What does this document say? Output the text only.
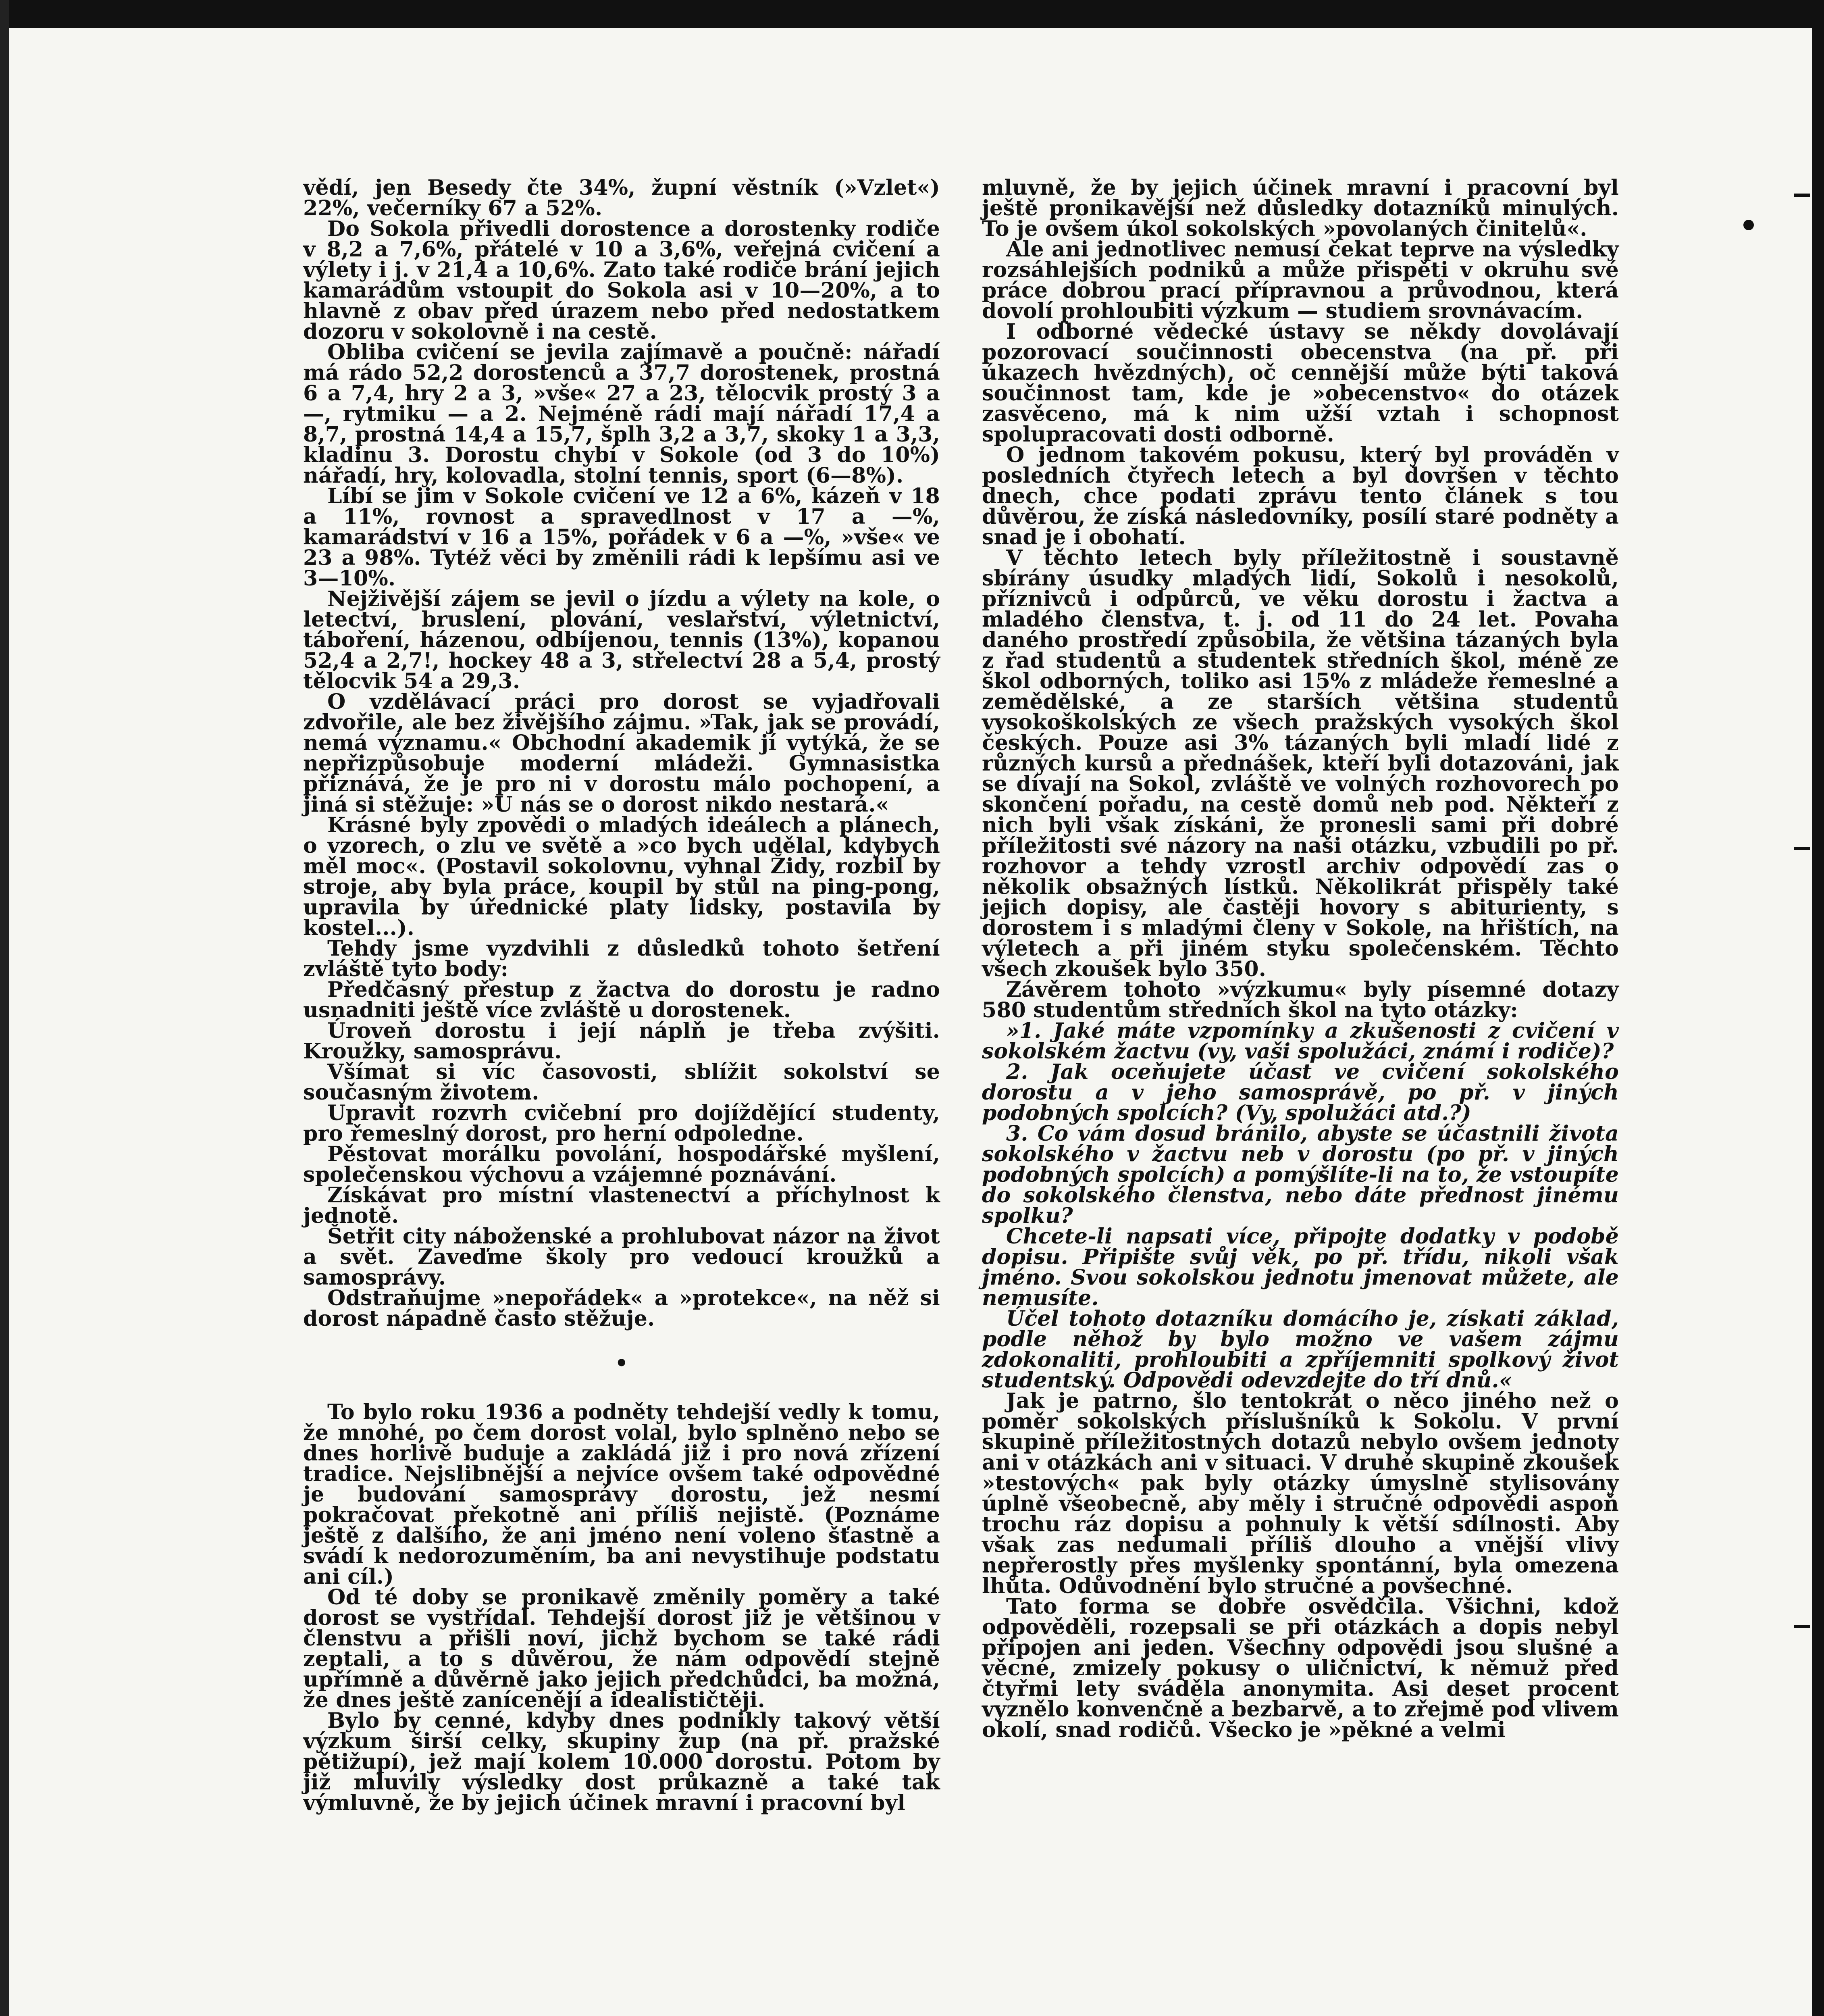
vědí, jen Besedy čte 34%, župní věstník (»Vzlet«) 22%, večerníky 67 a 52%.

Do Sokola přivedli dorostence a dorostenky rodiče v 8,2 a 7,6%, přátelé v 10 a 3,6%, veřejná cvičení a výlety i j. v 21,4 a 10,6%. Zato také rodiče brání jejich kamarádům vstoupit do Sokola asi v 10—20%, a to hlavně z obav před úrazem nebo před nedostatkem dozoru v sokolovně i na cestě.

Obliba cvičení se jevila zajímavě a poučně: nářadí má rádo 52,2 dorostenců a 37,7 dorostenek, prostná 6 a 7,4, hry 2 a 3, »vše« 27 a 23, tělocvik prostý 3 a —, rytmiku — a 2. Nejméně rádi mají nářadí 17,4 a 8,7, prostná 14,4 a 15,7, šplh 3,2 a 3,7, skoky 1 a 3,3, kladinu 3. Dorostu chybí v Sokole (od 3 do 10%) nářadí, hry, kolovadla, stolní tennis, sport (6—8%).

Líbí se jim v Sokole cvičení ve 12 a 6%, kázeň v 18 a 11%, rovnost a spravedlnost v 17 a —%, kamarádství v 16 a 15%, pořádek v 6 a —%, »vše« ve 23 a 98%. Tytéž věci by změnili rádi k lepšímu asi ve 3—10%.

Nejživější zájem se jevil o jízdu a výlety na kole, o letectví, bruslení, plování, veslařství, výletnictví, táboření, házenou, odbíjenou, tennis (13%), kopanou 52,4 a 2,7!, hockey 48 a 3, střelectví 28 a 5,4, prostý tělocvik 54 a 29,3.

O vzdělávací práci pro dorost se vyjadřovali zdvořile, ale bez živějšího zájmu. »Tak, jak se provádí, nemá významu.« Obchodní akademik jí vytýká, že se nepřizpůsobuje moderní mládeži. Gymnasistka přiznává, že je pro ni v dorostu málo pochopení, a jiná si stěžuje: »U nás se o dorost nikdo nestará.«

Krásné byly zpovědi o mladých ideálech a plánech, o vzorech, o zlu ve světě a »co bych udělal, kdybych měl moc«. (Postavil sokolovnu, vyhnal Židy, rozbil by stroje, aby byla práce, koupil by stůl na ping-pong, upravila by úřednické platy lidsky, postavila by kostel...).

Tehdy jsme vyzdvihli z důsledků tohoto šetření zvláště tyto body:

Předčasný přestup z žactva do dorostu je radno usnadniti ještě více zvláště u dorostenek.

Úroveň dorostu i její náplň je třeba zvýšiti. Kroužky, samosprávu.

Všímat si víc časovosti, sblížit sokolství se současným životem.

Upravit rozvrh cvičební pro dojíždějící studenty, pro řemeslný dorost, pro herní odpoledne.

Pěstovat morálku povolání, hospodářské myšlení, společenskou výchovu a vzájemné poznávání.

Získávat pro místní vlastenectví a příchylnost k jednotě.

Šetřit city náboženské a prohlubovat názor na život a svět. Zaveďme školy pro vedoucí kroužků a samosprávy.

Odstraňujme »nepořádek« a »protekce«, na něž si dorost nápadně často stěžuje.

•

To bylo roku 1936 a podněty tehdejší vedly k tomu, že mnohé, po čem dorost volal, bylo splněno nebo se dnes horlivě buduje a zakládá již i pro nová zřízení tradice. Nejslibnější a nejvíce ovšem také odpovědné je budování samosprávy dorostu, jež nesmí pokračovat překotně ani příliš nejistě. (Poznáme ještě z dalšího, že ani jméno není voleno šťastně a svádí k nedorozuměním, ba ani nevystihuje podstatu ani cíl.)

Od té doby se pronikavě změnily poměry a také dorost se vystřídal. Tehdejší dorost již je většinou v členstvu a přišli noví, jichž bychom se také rádi zeptali, a to s důvěrou, že nám odpovědí stejně upřímně a důvěrně jako jejich předchůdci, ba možná, že dnes ještě zanícenějí a idealističtěji.

Bylo by cenné, kdyby dnes podnikly takový větší výzkum širší celky, skupiny žup (na př. pražské pětižupí), jež mají kolem 10.000 dorostu. Potom by již mluvily výsledky dost průkazně a také tak výmluvně, že by jejich účinek mravní i pracovní byl

mluvně, že by jejich účinek mravní i pracovní byl ještě pronikavější než důsledky dotazníků minulých. To je ovšem úkol sokolských »povolaných činitelů«.

Ale ani jednotlivec nemusí čekat teprve na výsledky rozsáhlejších podniků a může přispěti v okruhu své práce dobrou prací přípravnou a průvodnou, která dovolí prohloubiti výzkum — studiem srovnávacím.

I odborné vědecké ústavy se někdy dovolávají pozorovací součinnosti obecenstva (na př. při úkazech hvězdných), oč cennější může býti taková součinnost tam, kde je »obecenstvo« do otázek zasvěceno, má k nim užší vztah i schopnost spolupracovati dosti odborně.

O jednom takovém pokusu, který byl prováděn v posledních čtyřech letech a byl dovršen v těchto dnech, chce podati zprávu tento článek s tou důvěrou, že získá následovníky, posílí staré podněty a snad je i obohatí.

V těchto letech byly příležitostně i soustavně sbírány úsudky mladých lidí, Sokolů i nesokolů, příznivců i odpůrců, ve věku dorostu i žactva a mladého členstva, t. j. od 11 do 24 let. Povaha daného prostředí způsobila, že většina tázaných byla z řad studentů a studentek středních škol, méně ze škol odborných, toliko asi 15% z mládeže řemeslné a zemědělské, a ze starších většina studentů vysokoškolských ze všech pražských vysokých škol českých. Pouze asi 3% tázaných byli mladí lidé z různých kursů a přednášek, kteří byli dotazováni, jak se dívají na Sokol, zvláště ve volných rozhovorech po skončení pořadu, na cestě domů neb pod. Někteří z nich byli však získáni, že pronesli sami při dobré příležitosti své názory na naši otázku, vzbudili po př. rozhovor a tehdy vzrostl archiv odpovědí zas o několik obsažných lístků. Několikrát přispěly také jejich dopisy, ale častěji hovory s abiturienty, s dorostem i s mladými členy v Sokole, na hřištích, na výletech a při jiném styku společenském. Těchto všech zkoušek bylo 350.

Závěrem tohoto »výzkumu« byly písemné dotazy 580 studentům středních škol na tyto otázky:

»1. Jaké máte vzpomínky a zkušenosti z cvičení v sokolském žactvu (vy, vaši spolužáci, známí i rodiče)?

2. Jak oceňujete účast ve cvičení sokolského dorostu a v jeho samosprávě, po př. v jiných podobných spolcích? (Vy, spolužáci atd.?)

3. Co vám dosud bránilo, abyste se účastnili života sokolského v žactvu neb v dorostu (po př. v jiných podobných spolcích) a pomýšlíte-li na to, že vstoupíte do sokolského členstva, nebo dáte přednost jinému spolku?

Chcete-li napsati více, připojte dodatky v podobě dopisu. Připište svůj věk, po př. třídu, nikoli však jméno. Svou sokolskou jednotu jmenovat můžete, ale nemusíte.

Účel tohoto dotazníku domácího je, získati základ, podle něhož by bylo možno ve vašem zájmu zdokonaliti, prohloubiti a zpříjemniti spolkový život studentský. Odpovědi odevzdejte do tří dnů.«

Jak je patrno, šlo tentokrát o něco jiného než o poměr sokolských příslušníků k Sokolu. V první skupině příležitostných dotazů nebylo ovšem jednoty ani v otázkách ani v situaci. V druhé skupině zkoušek »testových« pak byly otázky úmyslně stylisovány úplně všeobecně, aby měly i stručné odpovědi aspoň trochu ráz dopisu a pohnuly k větší sdílnosti. Aby však zas nedumali příliš dlouho a vnější vlivy nepřerostly přes myšlenky spontánní, byla omezena lhůta. Odůvodnění bylo stručné a povšechné.

Tato forma se dobře osvědčila. Všichni, kdož odpověděli, rozepsali se při otázkách a dopis nebyl připojen ani jeden. Všechny odpovědi jsou slušné a věcné, zmizely pokusy o uličnictví, k němuž před čtyřmi lety sváděla anonymita. Asi deset procent vyznělo konvenčně a bezbarvě, a to zřejmě pod vlivem okolí, snad rodičů. Všecko je »pěkné a velmi
